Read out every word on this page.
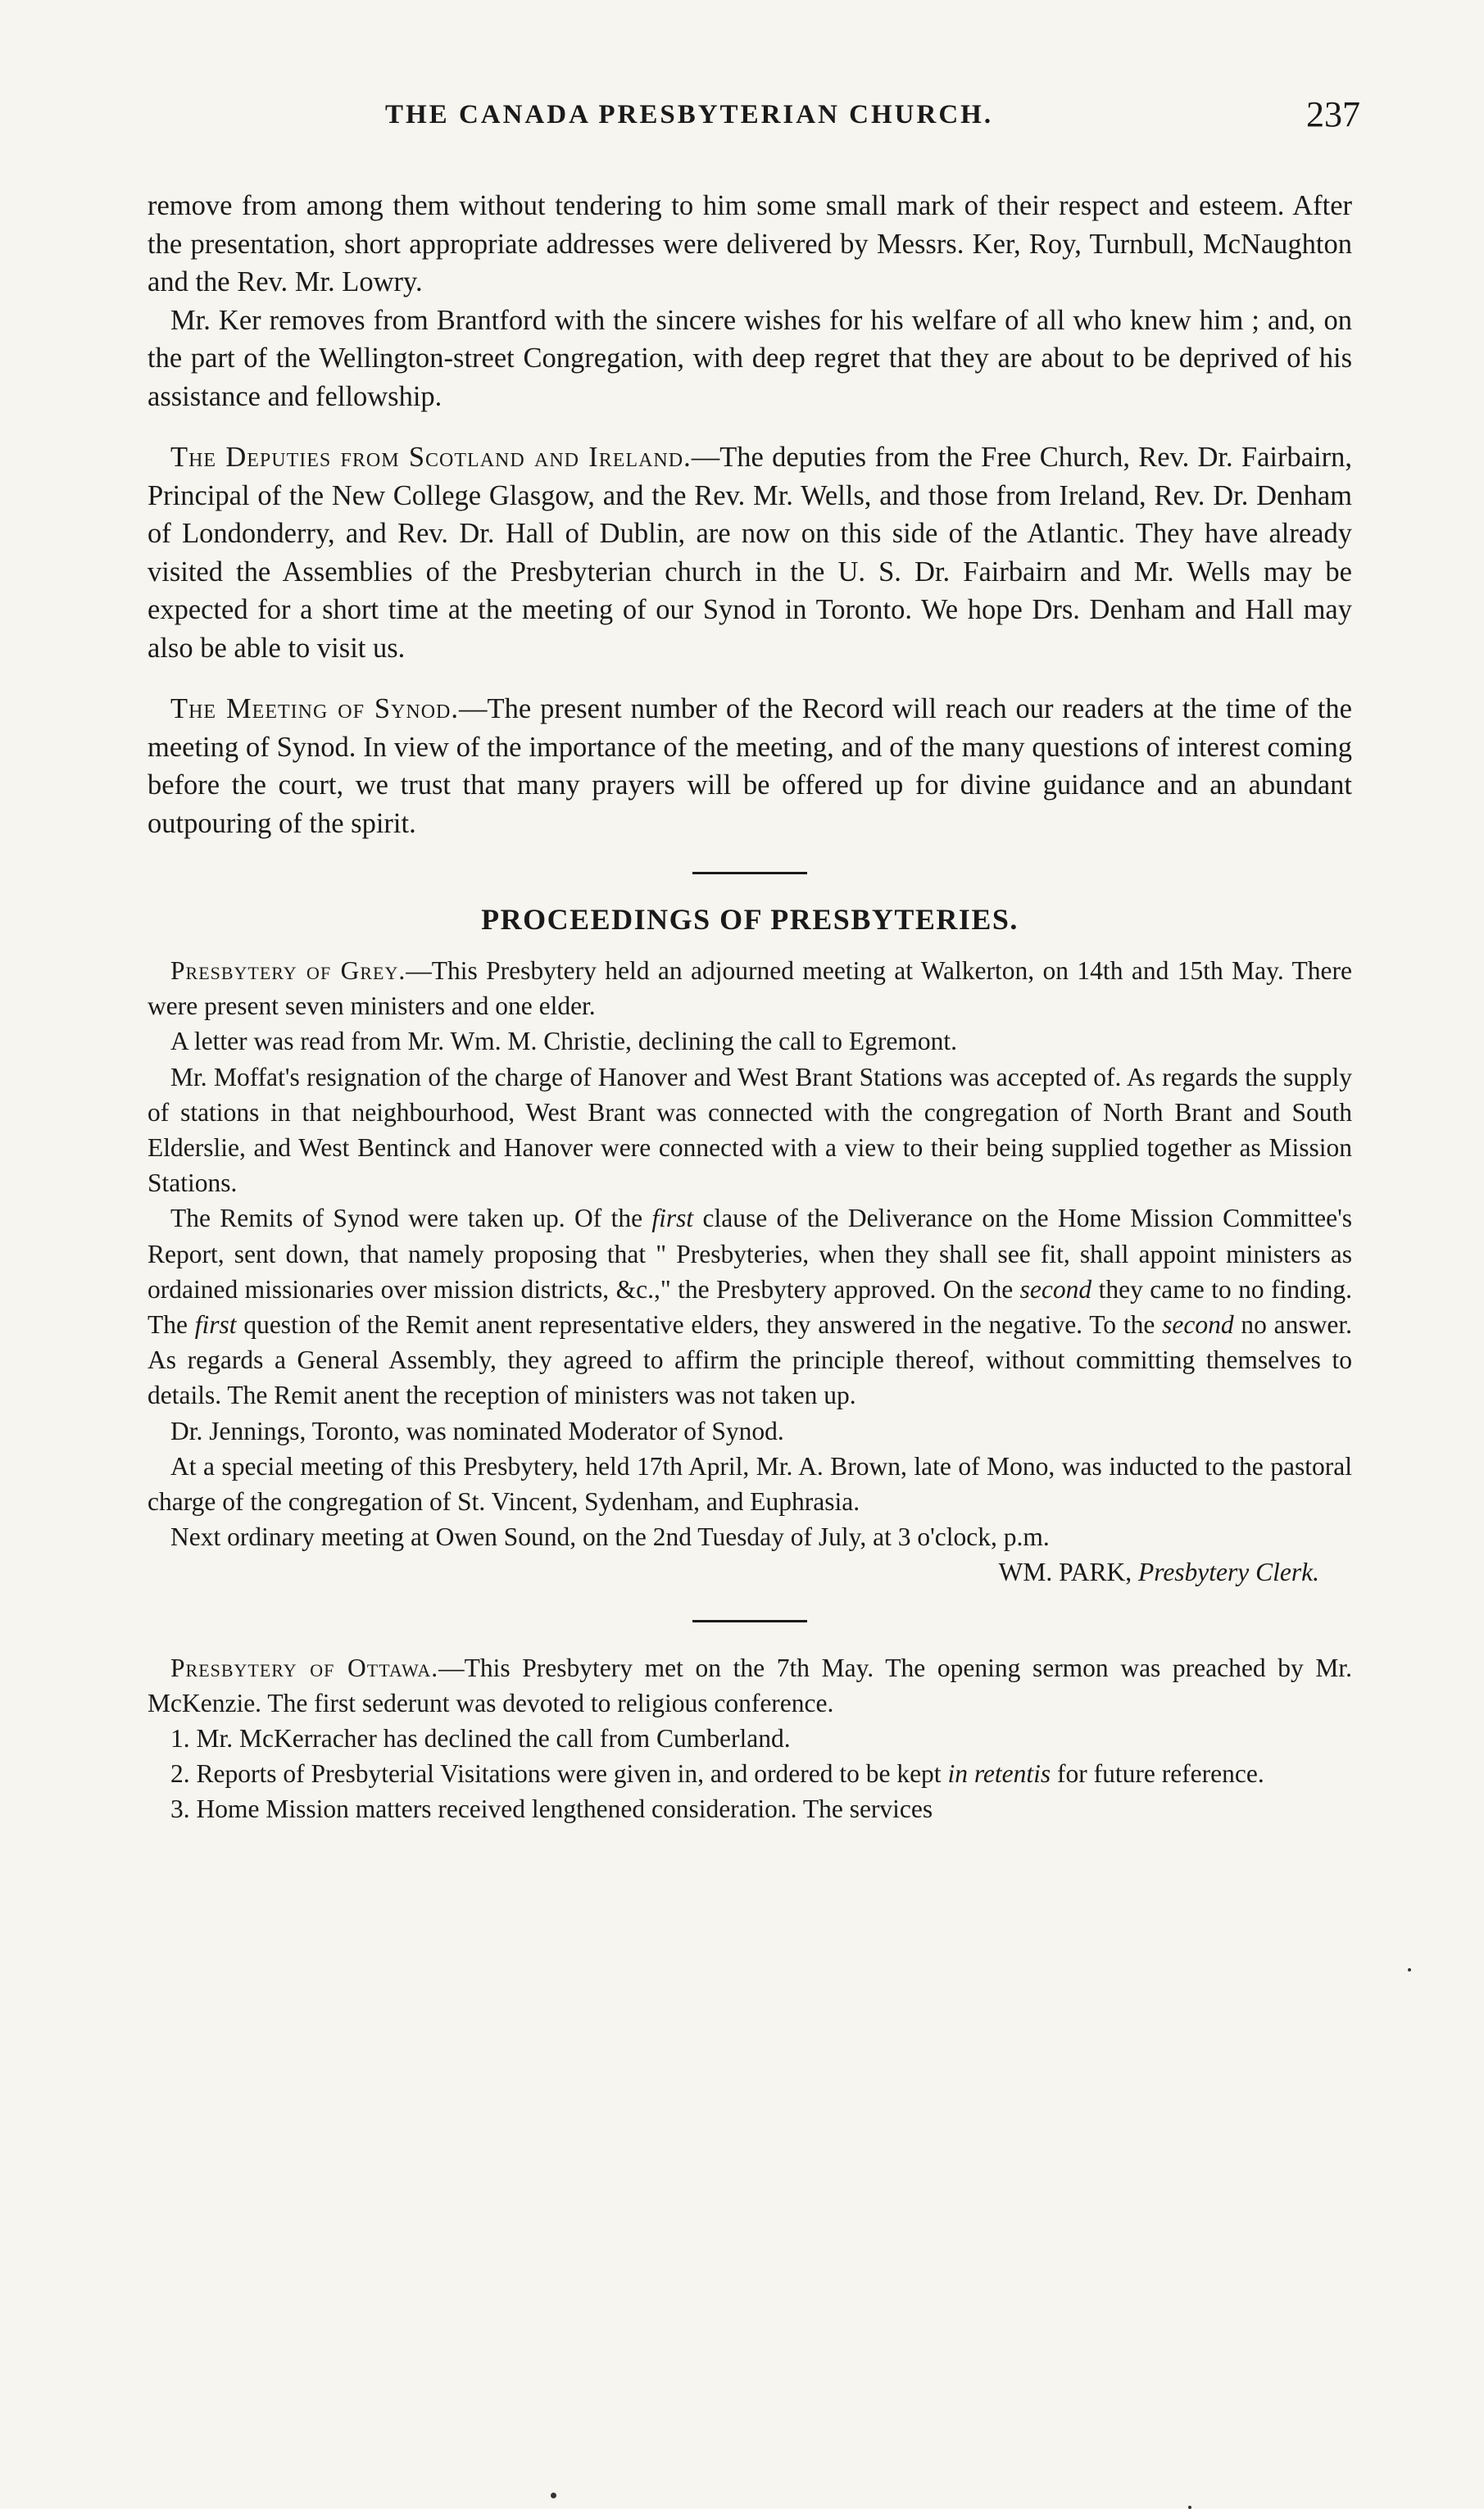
THE CANADA PRESBYTERIAN CHURCH.	237

remove from among them without tendering to him some small mark of their respect and esteem. After the presentation, short appropriate addresses were delivered by Messrs. Ker, Roy, Turnbull, McNaughton and the Rev. Mr. Lowry.

Mr. Ker removes from Brantford with the sincere wishes for his welfare of all who knew him ; and, on the part of the Wellington-street Congregation, with deep regret that they are about to be deprived of his assistance and fellowship.

The Deputies from Scotland and Ireland.—The deputies from the Free Church, Rev. Dr. Fairbairn, Principal of the New College Glasgow, and the Rev. Mr. Wells, and those from Ireland, Rev. Dr. Denham of Londonderry, and Rev. Dr. Hall of Dublin, are now on this side of the Atlantic. They have already visited the Assemblies of the Presbyterian church in the U. S. Dr. Fairbairn and Mr. Wells may be expected for a short time at the meeting of our Synod in Toronto. We hope Drs. Denham and Hall may also be able to visit us.

The Meeting of Synod.—The present number of the Record will reach our readers at the time of the meeting of Synod. In view of the importance of the meeting, and of the many questions of interest coming before the court, we trust that many prayers will be offered up for divine guidance and an abundant outpouring of the spirit.

PROCEEDINGS OF PRESBYTERIES.

Presbytery of Grey.—This Presbytery held an adjourned meeting at Walkerton, on 14th and 15th May. There were present seven ministers and one elder.

A letter was read from Mr. Wm. M. Christie, declining the call to Egremont.

Mr. Moffat's resignation of the charge of Hanover and West Brant Stations was accepted of. As regards the supply of stations in that neighbourhood, West Brant was connected with the congregation of North Brant and South Elderslie, and West Bentinck and Hanover were connected with a view to their being supplied together as Mission Stations.

The Remits of Synod were taken up. Of the first clause of the Deliverance on the Home Mission Committee's Report, sent down, that namely proposing that " Presbyteries, when they shall see fit, shall appoint ministers as ordained missionaries over mission districts, &c.," the Presbytery approved. On the second they came to no finding. The first question of the Remit anent representative elders, they answered in the negative. To the second no answer. As regards a General Assembly, they agreed to affirm the principle thereof, without committing themselves to details. The Remit anent the reception of ministers was not taken up.

Dr. Jennings, Toronto, was nominated Moderator of Synod.

At a special meeting of this Presbytery, held 17th April, Mr. A. Brown, late of Mono, was inducted to the pastoral charge of the congregation of St. Vincent, Sydenham, and Euphrasia.

Next ordinary meeting at Owen Sound, on the 2nd Tuesday of July, at 3 o'clock, p.m.

WM. PARK, Presbytery Clerk.

Presbytery of Ottawa.—This Presbytery met on the 7th May. The opening sermon was preached by Mr. McKenzie. The first sederunt was devoted to religious conference.

1. Mr. McKerracher has declined the call from Cumberland.

2. Reports of Presbyterial Visitations were given in, and ordered to be kept in retentis for future reference.

3. Home Mission matters received lengthened consideration. The services
